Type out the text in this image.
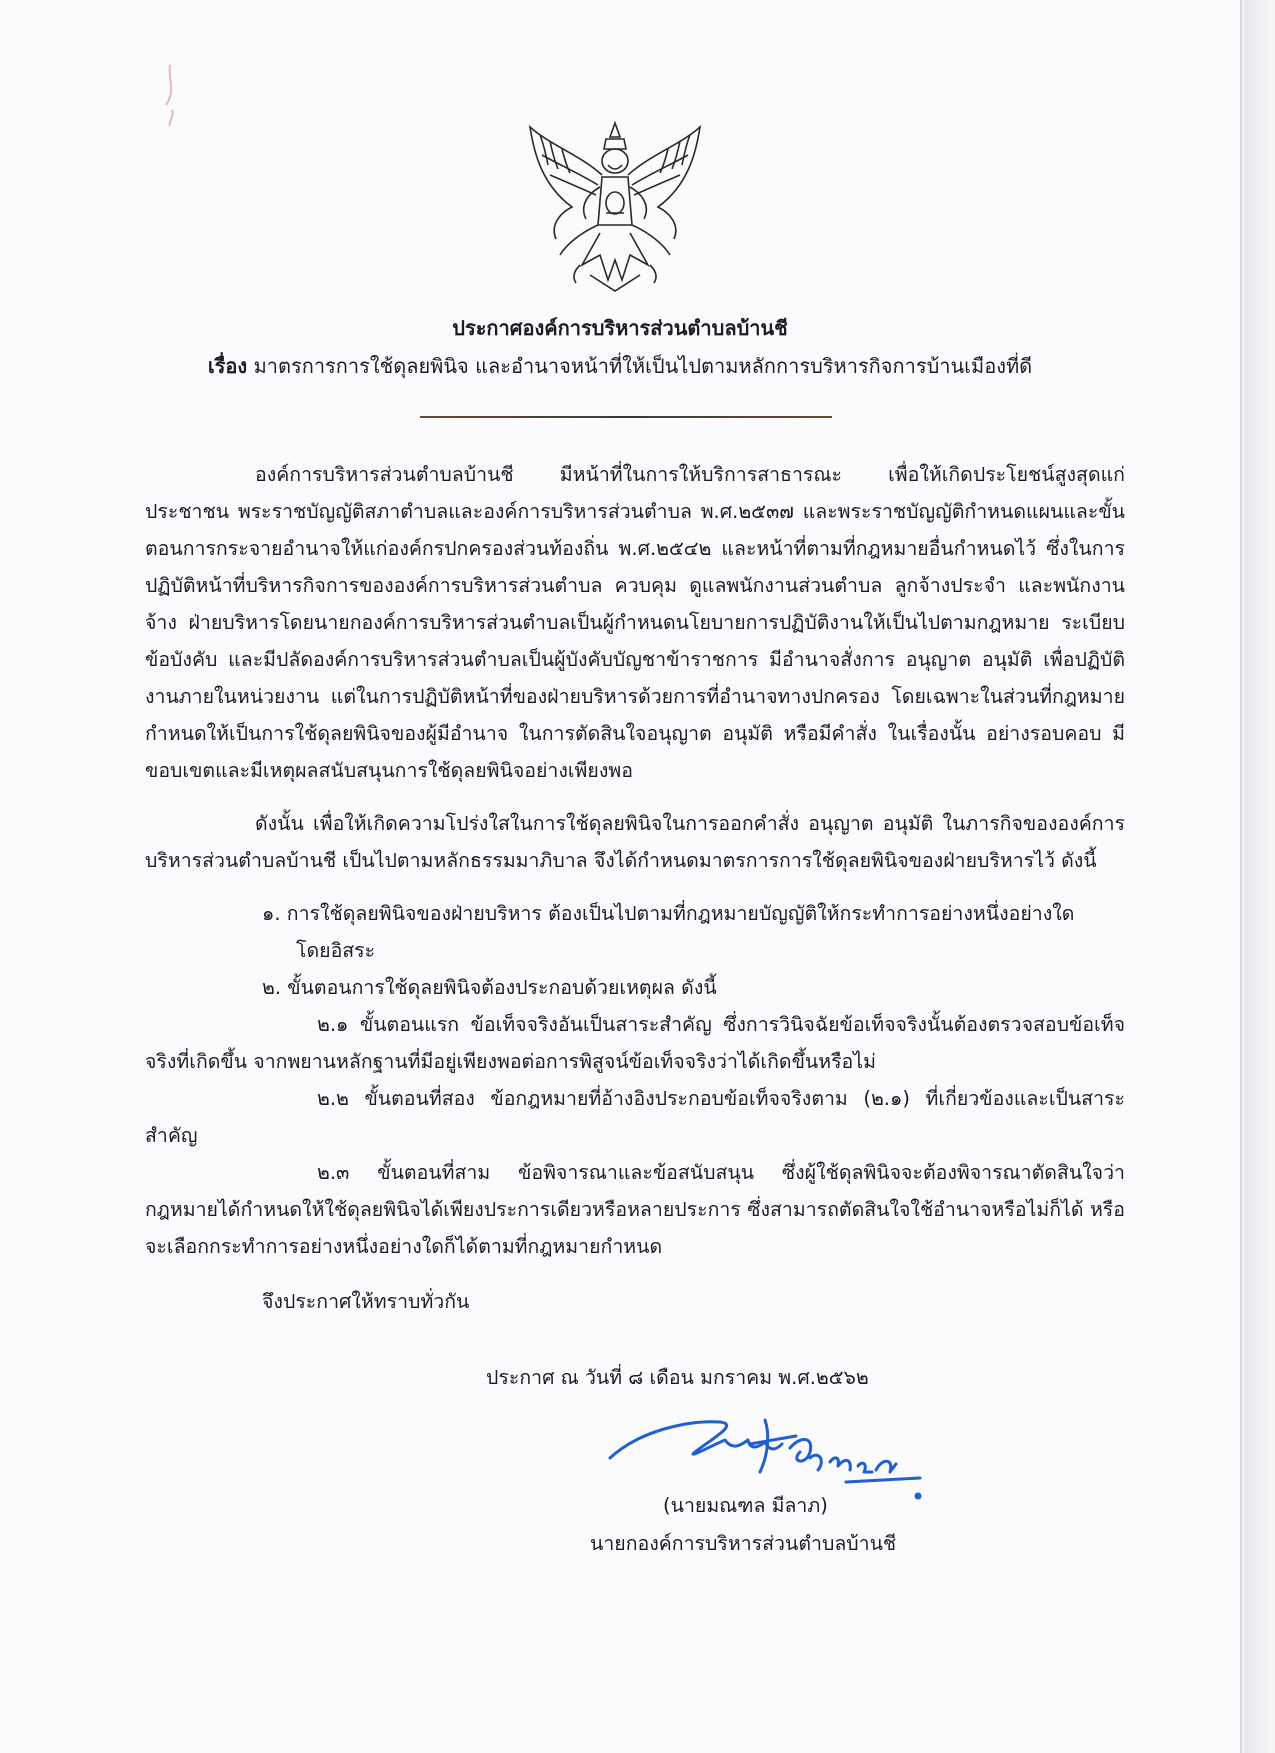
ประกาศองค์การบริหารส่วนตำบลบ้านชี

เรื่อง มาตรการการใช้ดุลยพินิจ และอำนาจหน้าที่ให้เป็นไปตามหลักการบริหารกิจการบ้านเมืองที่ดี

องค์การบริหารส่วนตำบลบ้านชี มีหน้าที่ในการให้บริการสาธารณะ เพื่อให้เกิดประโยชน์สูงสุดแก่ประชาชน พระราชบัญญัติสภาตำบลและองค์การบริหารส่วนตำบล พ.ศ.๒๕๓๗ และพระราชบัญญัติกำหนดแผนและขั้นตอนการกระจายอำนาจให้แก่องค์กรปกครองส่วนท้องถิ่น พ.ศ.๒๕๔๒ และหน้าที่ตามที่กฎหมายอื่นกำหนดไว้ ซึ่งในการปฏิบัติหน้าที่บริหารกิจการขององค์การบริหารส่วนตำบล ควบคุม ดูแลพนักงานส่วนตำบล ลูกจ้างประจำ และพนักงานจ้าง ฝ่ายบริหารโดยนายกองค์การบริหารส่วนตำบลเป็นผู้กำหนดนโยบายการปฏิบัติงานให้เป็นไปตามกฎหมาย ระเบียบ ข้อบังคับ และมีปลัดองค์การบริหารส่วนตำบลเป็นผู้บังคับบัญชาข้าราชการ มีอำนาจสั่งการ อนุญาต อนุมัติ เพื่อปฏิบัติงานภายในหน่วยงาน แต่ในการปฏิบัติหน้าที่ของฝ่ายบริหารด้วยการที่อำนาจทางปกครอง โดยเฉพาะในส่วนที่กฎหมายกำหนดให้เป็นการใช้ดุลยพินิจของผู้มีอำนาจ ในการตัดสินใจอนุญาต อนุมัติ หรือมีคำสั่ง ในเรื่องนั้น อย่างรอบคอบ มีขอบเขตและมีเหตุผลสนับสนุนการใช้ดุลยพินิจอย่างเพียงพอ

ดังนั้น เพื่อให้เกิดความโปร่งใสในการใช้ดุลยพินิจในการออกคำสั่ง อนุญาต อนุมัติ ในภารกิจขององค์การบริหารส่วนตำบลบ้านชี เป็นไปตามหลักธรรมมาภิบาล จึงได้กำหนดมาตรการการใช้ดุลยพินิจของฝ่ายบริหารไว้ ดังนี้

๑. การใช้ดุลยพินิจของฝ่ายบริหาร ต้องเป็นไปตามที่กฎหมายบัญญัติให้กระทำการอย่างหนึ่งอย่างใด
โดยอิสระ

๒. ขั้นตอนการใช้ดุลยพินิจต้องประกอบด้วยเหตุผล ดังนี้

๒.๑ ขั้นตอนแรก ข้อเท็จจริงอันเป็นสาระสำคัญ ซึ่งการวินิจฉัยข้อเท็จจริงนั้นต้องตรวจสอบข้อเท็จจริงที่เกิดขึ้น จากพยานหลักฐานที่มีอยู่เพียงพอต่อการพิสูจน์ข้อเท็จจริงว่าได้เกิดขึ้นหรือไม่

๒.๒ ขั้นตอนที่สอง ข้อกฎหมายที่อ้างอิงประกอบข้อเท็จจริงตาม (๒.๑) ที่เกี่ยวข้องและเป็นสาระสำคัญ

๒.๓ ขั้นตอนที่สาม ข้อพิจารณาและข้อสนับสนุน ซึ่งผู้ใช้ดุลพินิจจะต้องพิจารณาตัดสินใจว่ากฎหมายได้กำหนดให้ใช้ดุลยพินิจได้เพียงประการเดียวหรือหลายประการ ซึ่งสามารถตัดสินใจใช้อำนาจหรือไม่ก็ได้ หรือจะเลือกกระทำการอย่างหนึ่งอย่างใดก็ได้ตามที่กฎหมายกำหนด

จึงประกาศให้ทราบทั่วกัน

ประกาศ ณ วันที่ ๘ เดือน มกราคม พ.ศ.๒๕๖๒

(นายมณฑล มีลาภ)

นายกองค์การบริหารส่วนตำบลบ้านชี
